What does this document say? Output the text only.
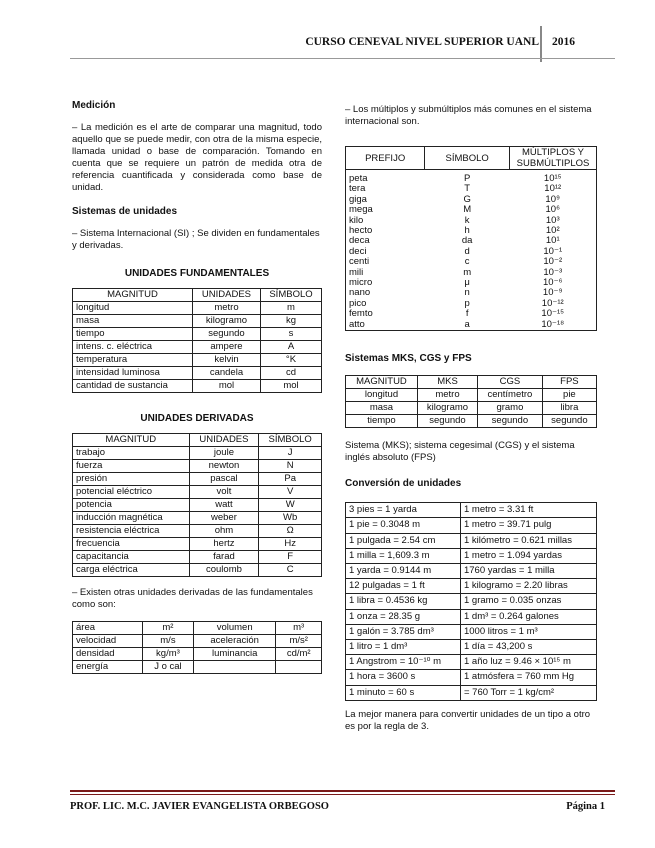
CURSO CENEVAL NIVEL SUPERIOR UANL 2016
Medición

– La medición es el arte de comparar una magnitud, todo aquello que se puede medir, con otra de la misma especie, llamada unidad o base de comparación. Tomando en cuenta que se requiere un patrón de medida otra de referencia cuantificada y considerada como base de unidad.

Sistemas de unidades

– Sistema Internacional (SI) ; Se dividen en fundamentales y derivadas.

UNIDADES FUNDAMENTALES
MAGNITUD	UNIDADES	SÍMBOLO
longitud	metro	m
masa	kilogramo	kg
tiempo	segundo	s
intens. c. eléctrica	ampere	A
temperatura	kelvin	°K
intensidad luminosa	candela	cd
cantidad de sustancia	mol	mol
UNIDADES DERIVADAS
MAGNITUD	UNIDADES	SÍMBOLO
trabajo	joule	J
fuerza	newton	N
presión	pascal	Pa
potencial eléctrico	volt	V
potencia	watt	W
inducción magnética	weber	Wb
resistencia eléctrica	ohm	Ω
frecuencia	hertz	Hz
capacitancia	farad	F
carga eléctrica	coulomb	C

– Existen otras unidades derivadas de las fundamentales como son:

área	m²	volumen	m³
velocidad	m/s	aceleración	m/s²
densidad	kg/m³	luminancia	cd/m²
energía	J o cal		

– Los múltiplos y submúltiplos más comunes en el sistema internacional son.

PREFIJO	SÍMBOLO	MÚLTIPLOS Y SUBMÚLTIPLOS
peta	P	10¹⁵
tera	T	10¹²
giga	G	10⁹
mega	M	10⁶
kilo	k	10³
hecto	h	10²
deca	da	10¹
deci	d	10⁻¹
centi	c	10⁻²
mili	m	10⁻³
micro	μ	10⁻⁶
nano	n	10⁻⁹
pico	p	10⁻¹²
femto	f	10⁻¹⁵
atto	a	10⁻¹⁸
Sistemas MKS, CGS y FPS
MAGNITUD	MKS	CGS	FPS
longitud	metro	centímetro	pie
masa	kilogramo	gramo	libra
tiempo	segundo	segundo	segundo

Sistema (MKS); sistema cegesimal (CGS) y el sistema inglés absoluto (FPS)

Conversión de unidades
3 pies = 1 yarda	1 metro = 3.31 ft
1 pie = 0.3048 m	1 metro = 39.71 pulg
1 pulgada = 2.54 cm	1 kilómetro = 0.621 millas
1 milla = 1,609.3 m	1 metro = 1.094 yardas
1 yarda = 0.9144 m	1760 yardas = 1 milla
12 pulgadas = 1 ft	1 kilogramo = 2.20 libras
1 libra = 0.4536 kg	1 gramo = 0.035 onzas
1 onza = 28.35 g	1 dm³ = 0.264 galones
1 galón = 3.785 dm³	1000 litros = 1 m³
1 litro = 1 dm³	1 día = 43,200 s
1 Angstrom = 10⁻¹⁰ m	1 año luz = 9.46 × 10¹⁵ m
1 hora = 3600 s	1 atmósfera = 760 mm Hg
1 minuto = 60 s	= 760 Torr = 1 kg/cm²

La mejor manera para convertir unidades de un tipo a otro es por la regla de 3.

PROF. LIC. M.C. JAVIER EVANGELISTA ORBEGOSO	Página 1
